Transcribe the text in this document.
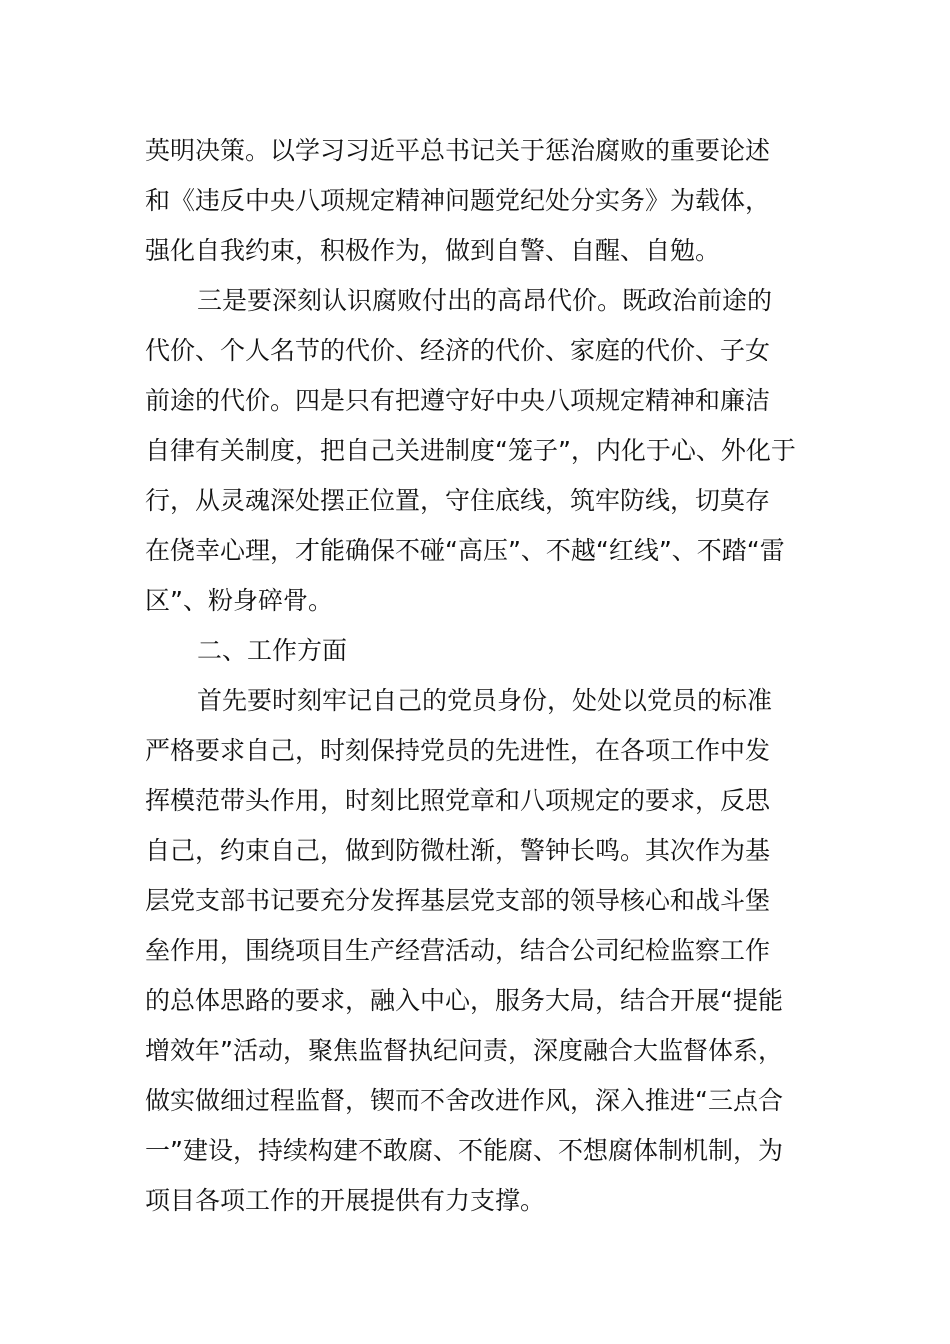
英明决策。以学习习近平总书记关于惩治腐败的重要论述
和《违反中央八项规定精神问题党纪处分实务》为载体，
强化自我约束，积极作为，做到自警、自醒、自勉。
三是要深刻认识腐败付出的高昂代价。既政治前途的
代价、个人名节的代价、经济的代价、家庭的代价、子女
前途的代价。四是只有把遵守好中央八项规定精神和廉洁
自律有关制度，把自己关进制度“笼子”，内化于心、外化于
行，从灵魂深处摆正位置，守住底线，筑牢防线，切莫存
在侥幸心理，才能确保不碰“高压”、不越“红线”、不踏“雷
区”、粉身碎骨。
二、工作方面
首先要时刻牢记自己的党员身份，处处以党员的标准
严格要求自己，时刻保持党员的先进性，在各项工作中发
挥模范带头作用，时刻比照党章和八项规定的要求，反思
自己，约束自己，做到防微杜渐，警钟长鸣。其次作为基
层党支部书记要充分发挥基层党支部的领导核心和战斗堡
垒作用，围绕项目生产经营活动，结合公司纪检监察工作
的总体思路的要求，融入中心，服务大局，结合开展“提能
增效年”活动，聚焦监督执纪问责，深度融合大监督体系，
做实做细过程监督，锲而不舍改进作风，深入推进“三点合
一”建设，持续构建不敢腐、不能腐、不想腐体制机制，为
项目各项工作的开展提供有力支撑。
